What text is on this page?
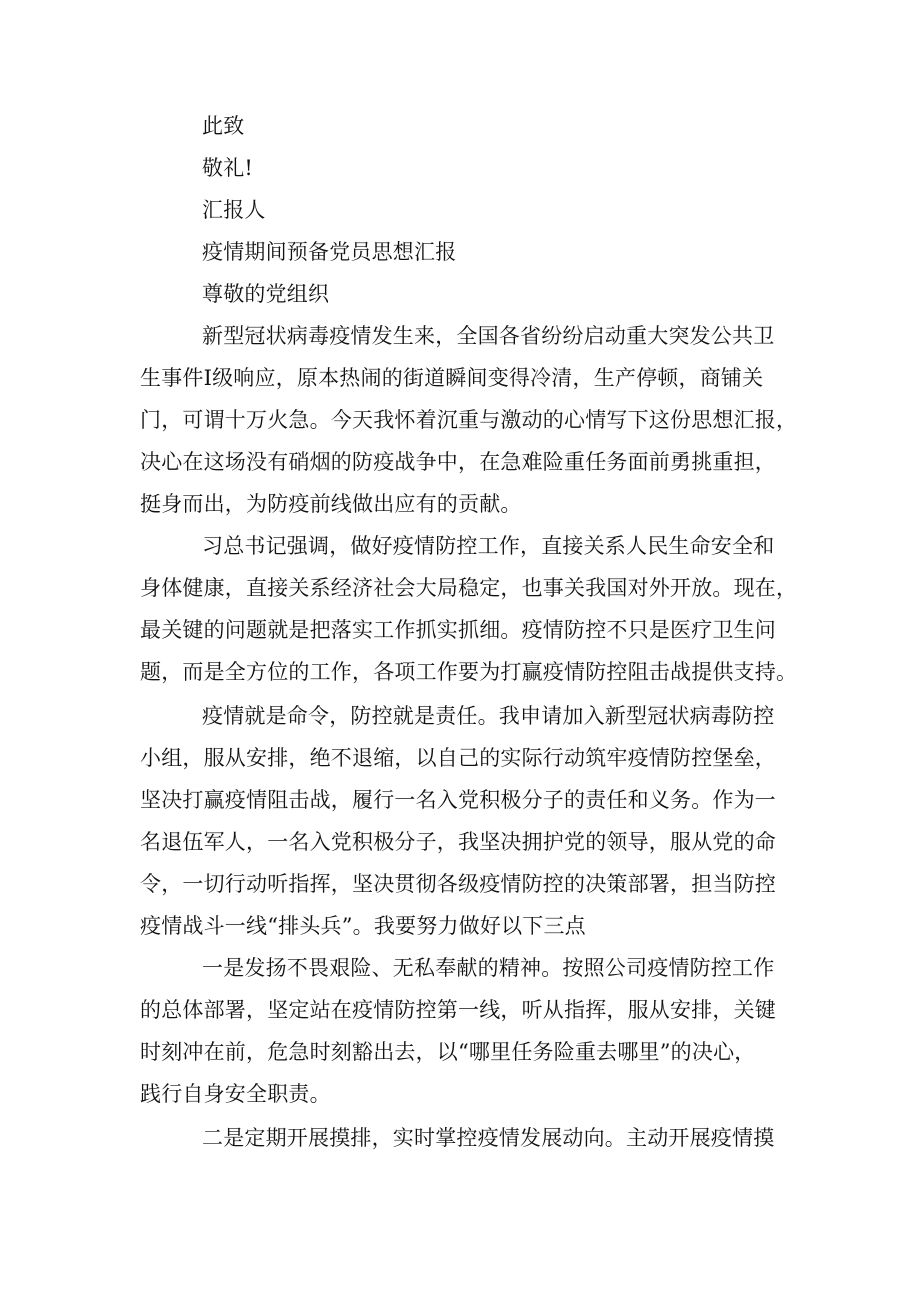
此致
敬礼!
汇报人
疫情期间预备党员思想汇报
尊敬的党组织
新型冠状病毒疫情发生来，全国各省纷纷启动重大突发公共卫
生事件Ⅰ级响应，原本热闹的街道瞬间变得冷清，生产停顿，商铺关
门，可谓十万火急。今天我怀着沉重与激动的心情写下这份思想汇报，
决心在这场没有硝烟的防疫战争中，在急难险重任务面前勇挑重担，
挺身而出，为防疫前线做出应有的贡献。
习总书记强调，做好疫情防控工作，直接关系人民生命安全和
身体健康，直接关系经济社会大局稳定，也事关我国对外开放。现在，
最关键的问题就是把落实工作抓实抓细。疫情防控不只是医疗卫生问
题，而是全方位的工作，各项工作要为打赢疫情防控阻击战提供支持。
疫情就是命令，防控就是责任。我申请加入新型冠状病毒防控
小组，服从安排，绝不退缩，以自己的实际行动筑牢疫情防控堡垒，
坚决打赢疫情阻击战，履行一名入党积极分子的责任和义务。作为一
名退伍军人，一名入党积极分子，我坚决拥护党的领导，服从党的命
令，一切行动听指挥，坚决贯彻各级疫情防控的决策部署，担当防控
疫情战斗一线“排头兵”。我要努力做好以下三点
一是发扬不畏艰险、无私奉献的精神。按照公司疫情防控工作
的总体部署，坚定站在疫情防控第一线，听从指挥，服从安排，关键
时刻冲在前，危急时刻豁出去，以“哪里任务险重去哪里”的决心，
践行自身安全职责。
二是定期开展摸排，实时掌控疫情发展动向。主动开展疫情摸
